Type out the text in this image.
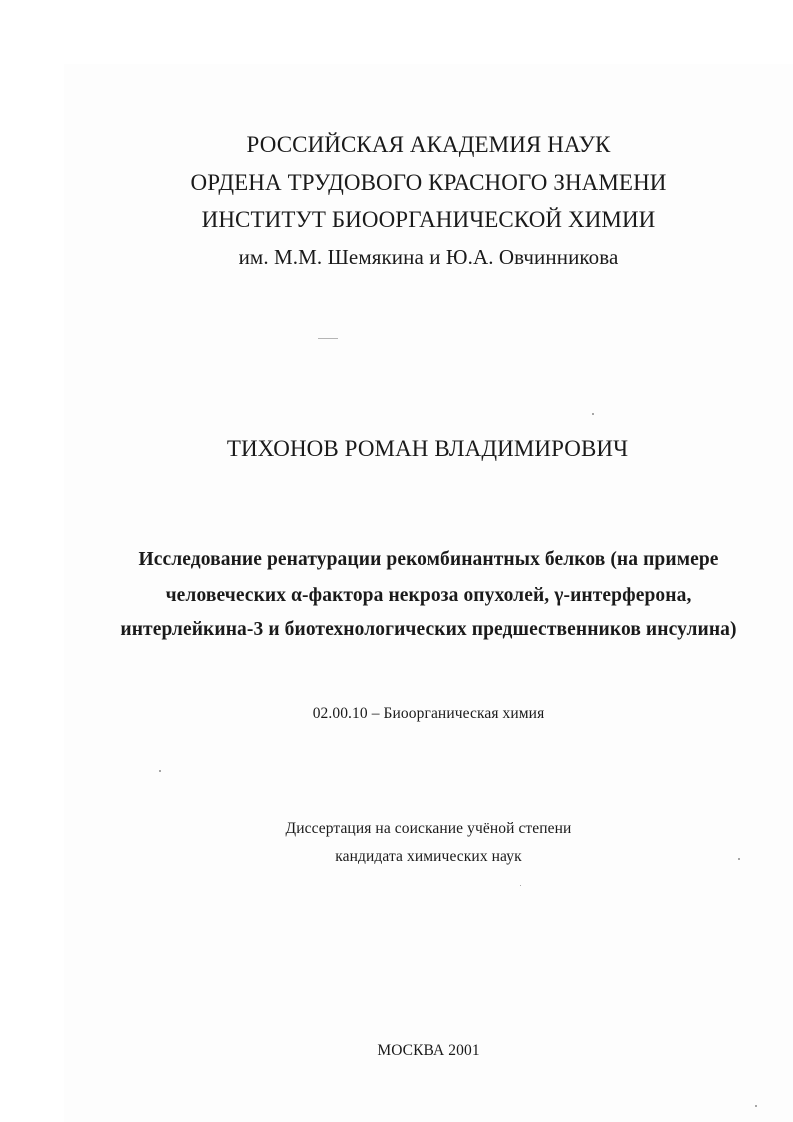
РОССИЙСКАЯ АКАДЕМИЯ НАУК
ОРДЕНА ТРУДОВОГО КРАСНОГО ЗНАМЕНИ
ИНСТИТУТ БИООРГАНИЧЕСКОЙ ХИМИИ
им. М.М. Шемякина и Ю.А. Овчинникова
ТИХОНОВ РОМАН ВЛАДИМИРОВИЧ
Исследование ренатурации рекомбинантных белков (на примере
человеческих α-фактора некроза опухолей, γ-интерферона,
интерлейкина-3 и биотехнологических предшественников инсулина)
02.00.10 – Биоорганическая химия
Диссертация на соискание учёной степени
кандидата химических наук
МОСКВА 2001
